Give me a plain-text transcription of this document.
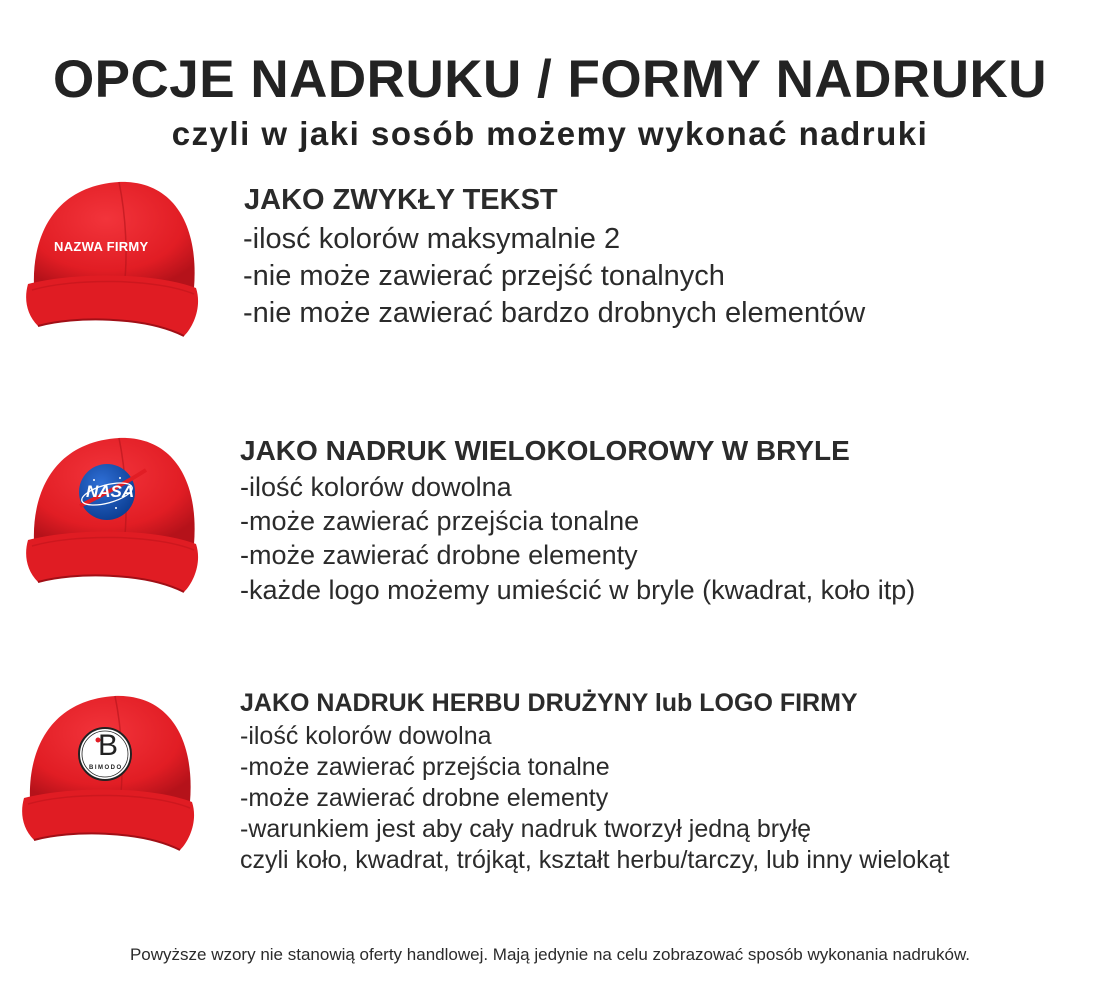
OPCJE NADRUKU / FORMY NADRUKU
czyli w jaki sosób możemy wykonać nadruki
NAZWA FIRMY
JAKO ZWYKŁY TEKST
-ilosć kolorów maksymalnie 2
-nie może zawierać przejść tonalnych
-nie może zawierać bardzo drobnych elementów
NASA
JAKO NADRUK WIELOKOLOROWY W BRYLE
-ilość kolorów dowolna
-może zawierać przejścia tonalne
-może zawierać drobne elementy
-każde logo możemy umieścić w bryle (kwadrat, koło itp)
B
BIMODO
JAKO NADRUK HERBU DRUŻYNY lub LOGO FIRMY
-ilość kolorów dowolna
-może zawierać przejścia tonalne
-może zawierać drobne elementy
-warunkiem jest aby cały nadruk tworzył jedną bryłę
czyli koło, kwadrat, trójkąt, kształt herbu/tarczy, lub inny wielokąt
Powyższe wzory nie stanowią oferty handlowej. Mają jedynie na celu zobrazować sposób wykonania nadruków.
